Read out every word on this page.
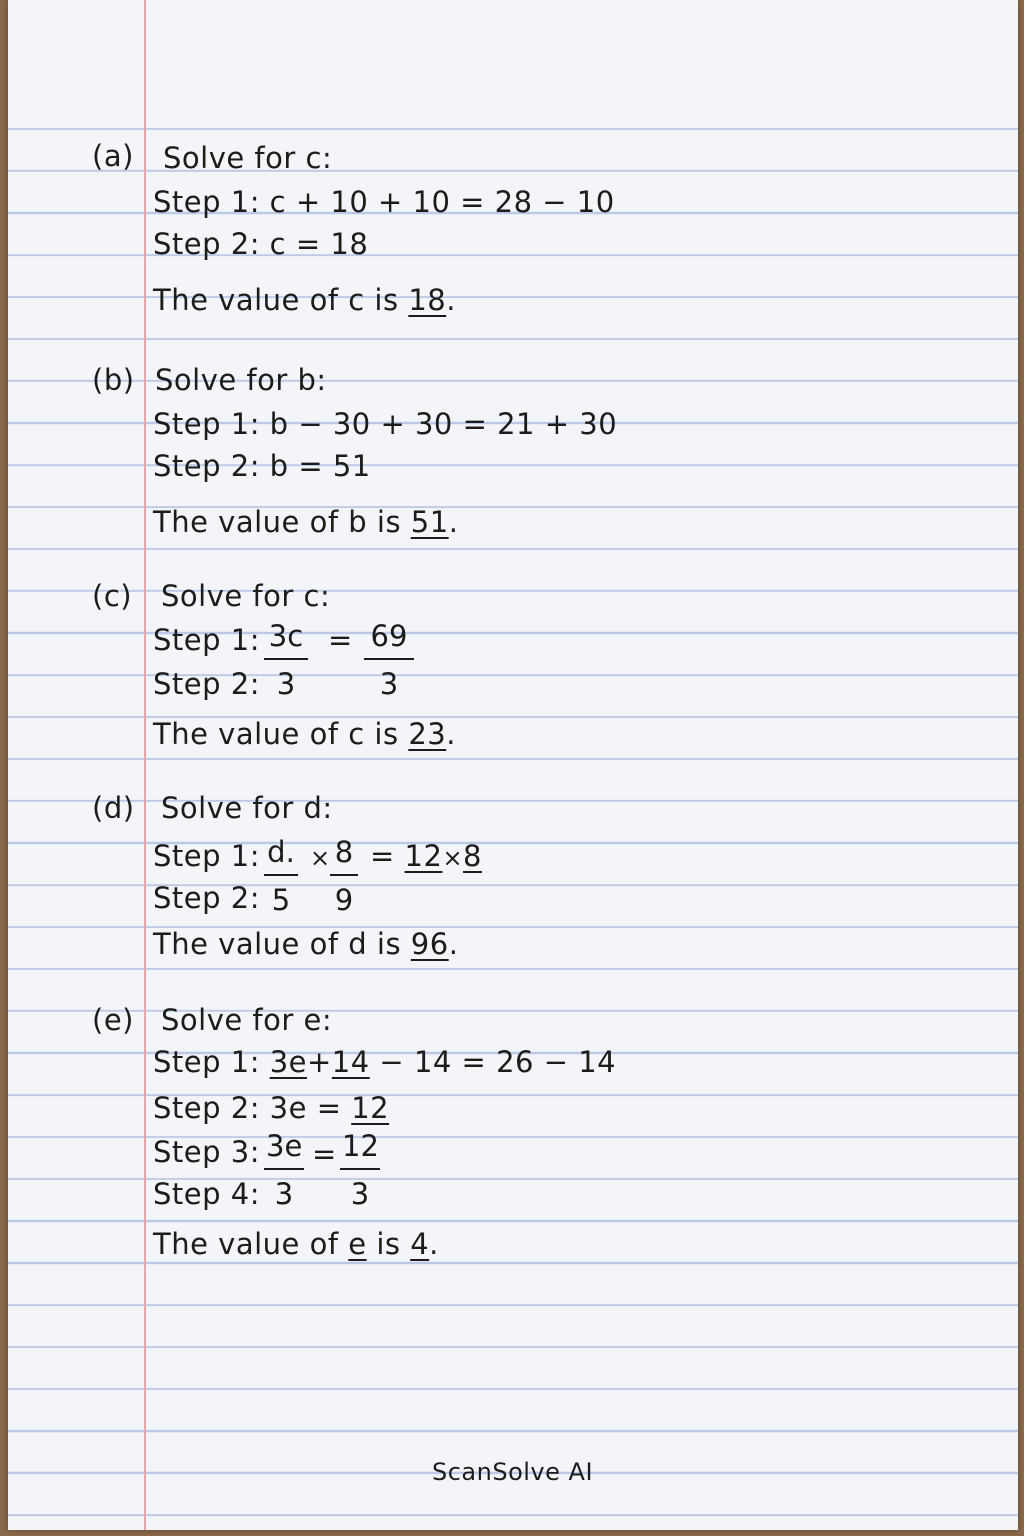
(a) Solve for c:

Step 1: c + 10 + 10 = 28 − 10

Step 2: c = 18

The value of c is 18.

(b) Solve for b:

Step 1: b − 30 + 30 = 21 + 30

Step 2: b = 51

The value of b is 51.

(c) Solve for c:

Step 1:

Step 2: $\frac{3c}{3} = \frac{69}{3}$

The value of c is 23.

(d) Solve for d:

Step 1:

Step 2: $\frac{d.}{5} \times \frac{8}{9} = 12\times 8$

The value of d is 96.

(e) Solve for e:

Step 1: 3e+14 − 14 = 26 − 14

Step 2: 3e = 12

Step 3:

Step 4: $\frac{3e}{3} = \frac{12}{3}$

The value of e is 4.

ScanSolve AI
